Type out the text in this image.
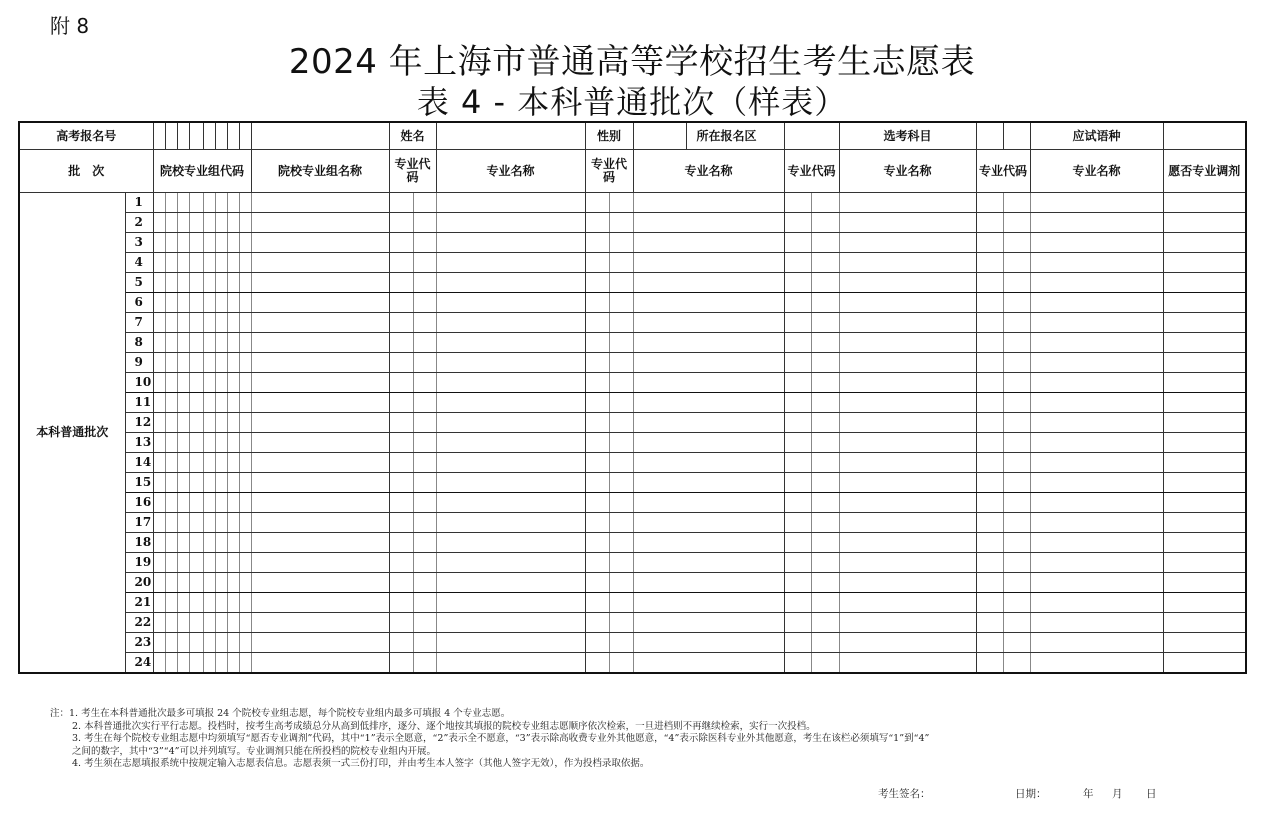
附 8
2024 年上海市普通高等学校招生考生志愿表
表 4 - 本科普通批次（样表）
高考报名号											姓名			性别		所在报名区			选考科目			应试语种	
批　次		院校专业组代码								院校专业组名称	专业代码		专业名称	专业代码		专业名称	专业代码		专业名称	专业代码		专业名称	愿否专业调剂
本科普通批次	1																						
	2																						
	3																						
	4																						
	5																						
	6																						
	7																						
	8																						
	9																						
	10																						
	11																						
	12																						
	13																						
	14																						
	15																						
	16																						
	17																						
	18																						
	19																						
	20																						
	21																						
	22																						
	23																						
	24																						
注：1. 考生在本科普通批次最多可填报 24 个院校专业组志愿，每个院校专业组内最多可填报 4 个专业志愿。
2. 本科普通批次实行平行志愿。投档时，按考生高考成绩总分从高到低排序，逐分、逐个地按其填报的院校专业组志愿顺序依次检索，一旦进档则不再继续检索，实行一次投档。
3. 考生在每个院校专业组志愿中均须填写“愿否专业调剂”代码，其中“1”表示全愿意，“2”表示全不愿意，“3”表示除高收费专业外其他愿意，“4”表示除医科专业外其他愿意，考生在该栏必须填写“1”到“4”
之间的数字，其中“3”“4”可以并列填写。专业调剂只能在所投档的院校专业组内开展。
4. 考生须在志愿填报系统中按规定输入志愿表信息。志愿表须一式三份打印，并由考生本人签字（其他人签字无效），作为投档录取依据。
考生签名：	日期：	年 月 日
